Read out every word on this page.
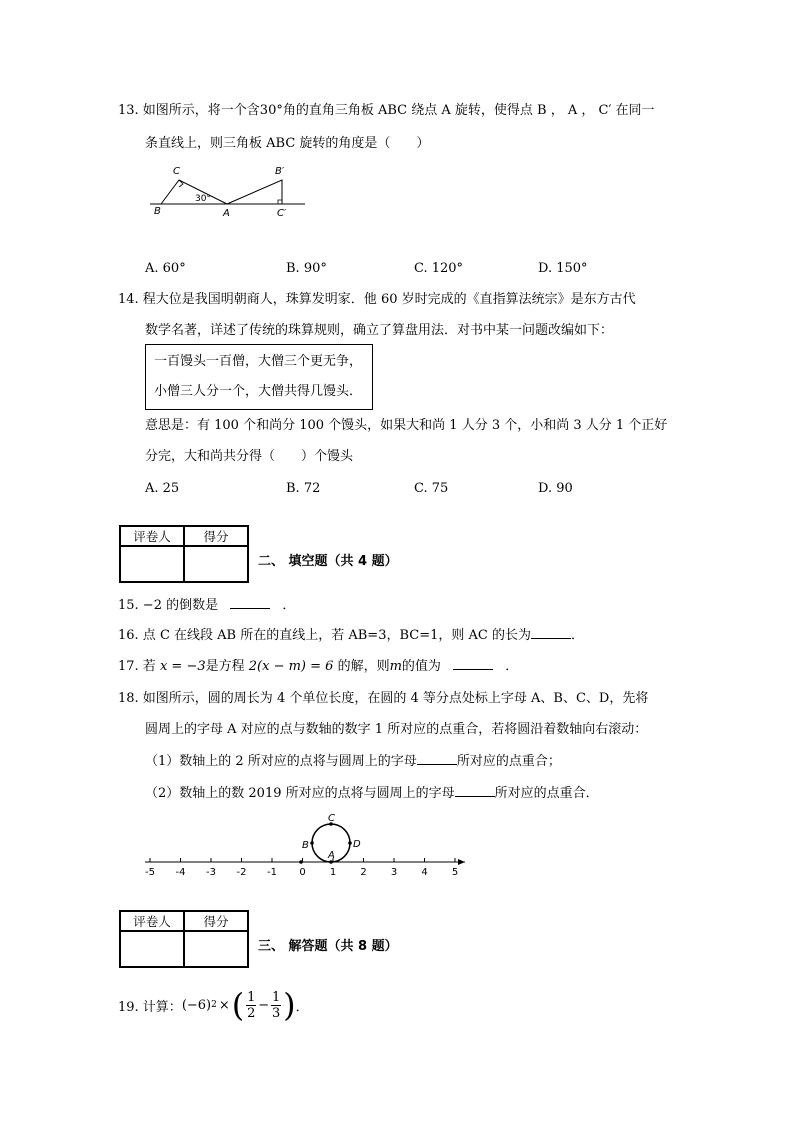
13. 如图所示，将一个含30°角的直角三角板 ABC 绕点 A 旋转，使得点 B ， A ， C′ 在同一
条直线上，则三角板 ABC 旋转的角度是（　　）
C
B	A
B′
C′
30°
A. 60°	B. 90°	C. 120°	D. 150°
14. 程大位是我国明朝商人，珠算发明家．他 60 岁时完成的《直指算法统宗》是东方古代
数学名著，详述了传统的珠算规则，确立了算盘用法．对书中某一问题改编如下：
一百馒头一百僧，大僧三个更无争，
小僧三人分一个，大僧共得几馒头．
意思是：有 100 个和尚分 100 个馒头，如果大和尚 1 人分 3 个，小和尚 3 人分 1 个正好
分完，大和尚共分得（　　）个馒头
A. 25	B. 72	C. 75	D. 90
评卷人	得分

二、 填空题（共 4 题）
15. −2 的倒数是	．
16. 点 C 在线段 AB 所在的直线上，若 AB=3，BC=1，则 AC 的长为	．
17. 若 x = −3是方程 2(x − m) = 6 的解，则m的值为	．
18. 如图所示，圆的周长为 4 个单位长度，在圆的 4 等分点处标上字母 A、B、C、D，先将
圆周上的字母 A 对应的点与数轴的数字 1 所对应的点重合，若将圆沿着数轴向右滚动：
（1）数轴上的 2 所对应的点将与圆周上的字母	所对应的点重合；
（2）数轴上的数 2019 所对应的点将与圆周上的字母	所对应的点重合．
C
B	D
A
-5 -4 -3 -2 -1 0 1 2 3 4 5
评卷人	得分

三、 解答题（共 8 题）
19. 计算： (−6) 2 × ( 1
2
−
1
3 ) ．
